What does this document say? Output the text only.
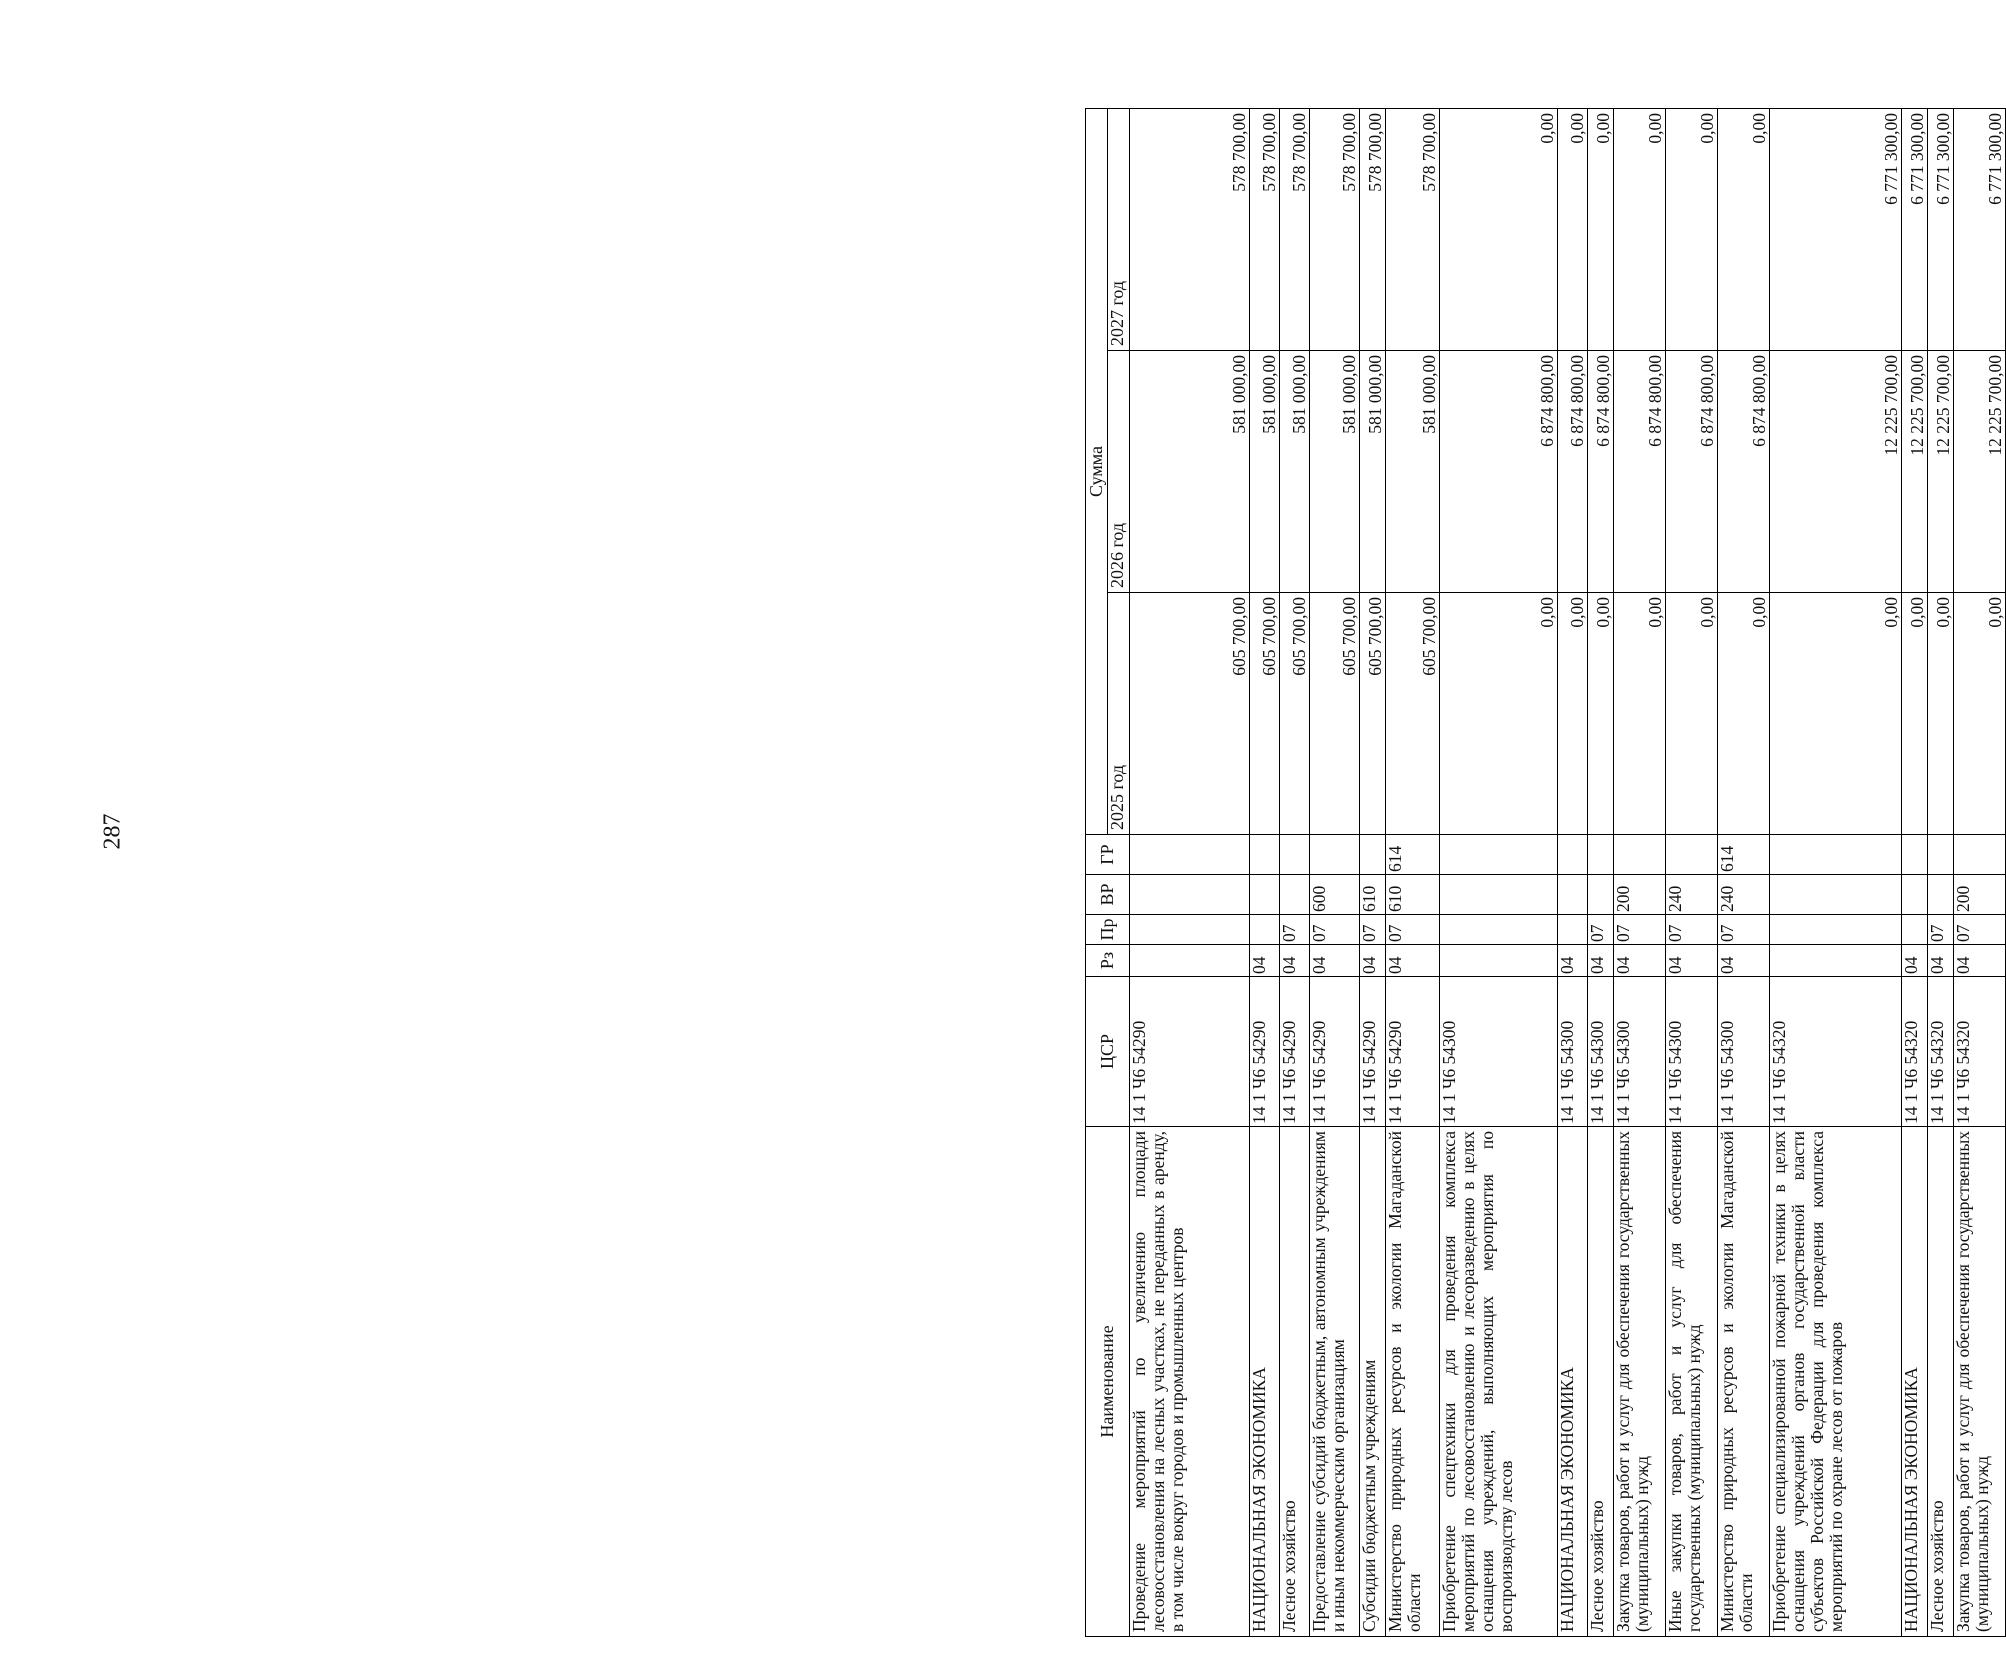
287
Наименование	ЦСР	Рз	Пр	ВР	ГР	Сумма		
						2025 год	2026 год	2027 год
Проведение мероприятий по увеличению площади лесовосстановления на лесных участках, не переданных в аренду, в том числе вокруг городов и промышленных центров	14 1 Ч6 54290					605 700,00	581 000,00	578 700,00
НАЦИОНАЛЬНАЯ ЭКОНОМИКА	14 1 Ч6 54290	04				605 700,00	581 000,00	578 700,00
Лесное хозяйство	14 1 Ч6 54290	04	07			605 700,00	581 000,00	578 700,00
Предоставление субсидий бюджетным, автономным учреждениям и иным некоммерческим организациям	14 1 Ч6 54290	04	07	600		605 700,00	581 000,00	578 700,00
Субсидии бюджетным учреждениям	14 1 Ч6 54290	04	07	610		605 700,00	581 000,00	578 700,00
Министерство природных ресурсов и экологии Магаданской области	14 1 Ч6 54290	04	07	610	614	605 700,00	581 000,00	578 700,00
Приобретение спецтехники для проведения комплекса мероприятий по лесовосстановлению и лесоразведению в целях оснащения учреждений, выполняющих мероприятия по воспроизводству лесов	14 1 Ч6 54300					0,00	6 874 800,00	0,00
НАЦИОНАЛЬНАЯ ЭКОНОМИКА	14 1 Ч6 54300	04				0,00	6 874 800,00	0,00
Лесное хозяйство	14 1 Ч6 54300	04	07			0,00	6 874 800,00	0,00
Закупка товаров, работ и услуг для обеспечения государственных (муниципальных) нужд	14 1 Ч6 54300	04	07	200		0,00	6 874 800,00	0,00
Иные закупки товаров, работ и услуг для обеспечения государственных (муниципальных) нужд	14 1 Ч6 54300	04	07	240		0,00	6 874 800,00	0,00
Министерство природных ресурсов и экологии Магаданской области	14 1 Ч6 54300	04	07	240	614	0,00	6 874 800,00	0,00
Приобретение специализированной пожарной техники в целях оснащения учреждений органов государственной власти субъектов Российской Федерации для проведения комплекса мероприятий по охране лесов от пожаров	14 1 Ч6 54320					0,00	12 225 700,00	6 771 300,00
НАЦИОНАЛЬНАЯ ЭКОНОМИКА	14 1 Ч6 54320	04				0,00	12 225 700,00	6 771 300,00
Лесное хозяйство	14 1 Ч6 54320	04	07			0,00	12 225 700,00	6 771 300,00
Закупка товаров, работ и услуг для обеспечения государственных (муниципальных) нужд	14 1 Ч6 54320	04	07	200		0,00	12 225 700,00	6 771 300,00
